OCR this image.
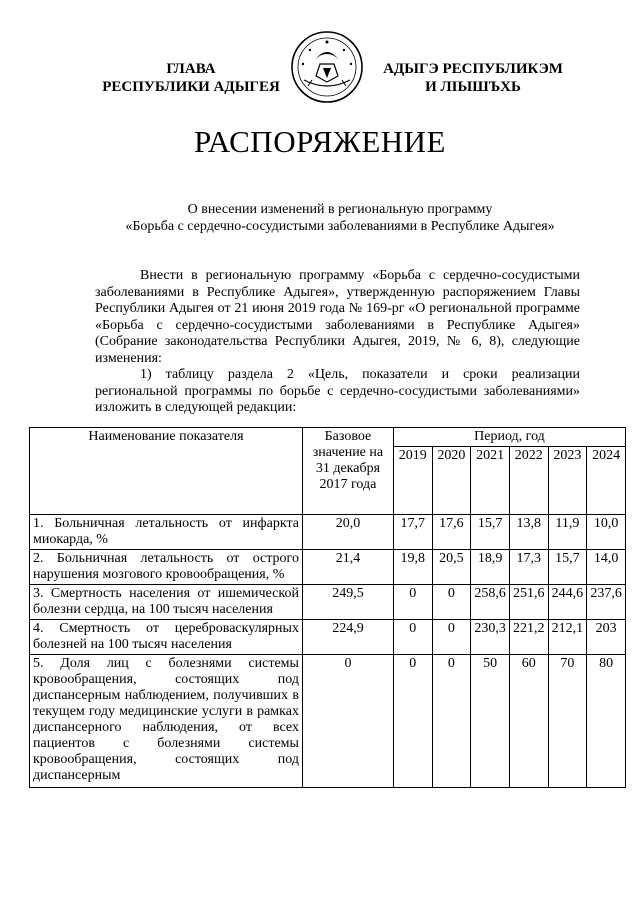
ГЛАВА
РЕСПУБЛИКИ АДЫГЕЯ
АДЫГЭ РЕСПУБЛИКЭМ
И ЛІЫШЪХЬ
РАСПОРЯЖЕНИЕ
О внесении изменений в региональную программу
«Борьба с сердечно-сосудистыми заболеваниями в Республике Адыгея»

Внести в региональную программу «Борьба с сердечно-сосудистыми заболеваниями в Республике Адыгея», утвержденную распоряжением Главы Республики Адыгея от 21 июня 2019 года № 169-рг «О региональной программе «Борьба с сердечно-сосудистыми заболеваниями в Республике Адыгея» (Собрание законодательства Республики Адыгея, 2019, № 6, 8), следующие изменения:

1) таблицу раздела 2 «Цель, показатели и сроки реализации региональной программы по борьбе с сердечно-сосудистыми заболеваниями» изложить в следующей редакции:

Наименование показателя	Базовое значение на 31 декабря 2017 года	Период, год					
		2019	2020	2021	2022	2023	2024
1. Больничная летальность от инфаркта миокарда, %	20,0	17,7	17,6	15,7	13,8	11,9	10,0
2. Больничная летальность от острого нарушения мозгового кровообращения, %	21,4	19,8	20,5	18,9	17,3	15,7	14,0
3. Смертность населения от ишемической болезни сердца, на 100 тысяч населения	249,5	0	0	258,6	251,6	244,6	237,6
4. Смертность от цереброваскулярных болезней на 100 тысяч населения	224,9	0	0	230,3	221,2	212,1	203
5. Доля лиц с болезнями системы кровообращения, состоящих под диспансерным наблюдением, получивших в текущем году медицинские услуги в рамках диспансерного наблюдения, от всех пациентов с болезнями системы кровообращения, состоящих под диспансерным	0	0	0	50	60	70	80
